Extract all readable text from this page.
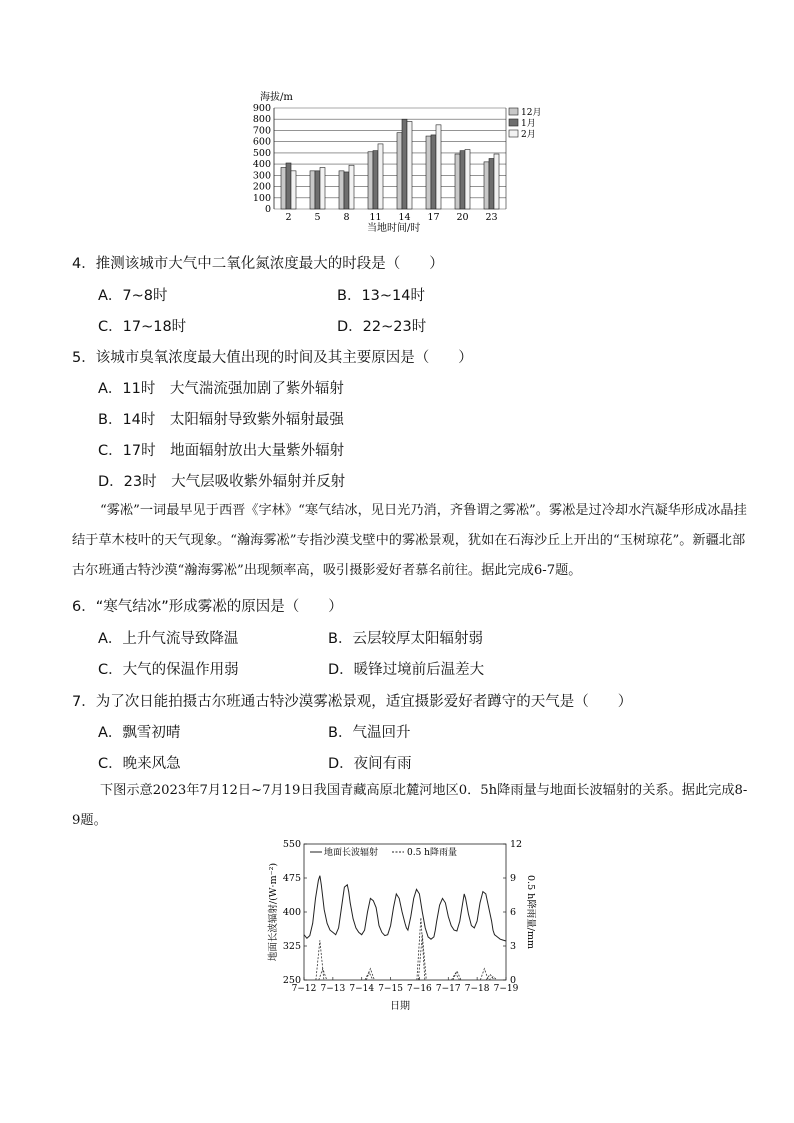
海拔/m
0
100
200
300
400
500
600
700
800
900
2 5 8 11 14 17 20 23
12月
1月
2月
当地时间/时
4．推测该城市大气中二氧化氮浓度最大的时段是（　　）
A．7~8时	B．13~14时
C．17~18时	D．22~23时
5．该城市臭氧浓度最大值出现的时间及其主要原因是（　　）
A．11时　大气湍流强加剧了紫外辐射
B．14时　太阳辐射导致紫外辐射最强
C．17时　地面辐射放出大量紫外辐射
D．23时　大气层吸收紫外辐射并反射
“雾凇”一词最早见于西晋《字林》“寒气结冰，见日光乃消，齐鲁谓之雾凇”。雾凇是过冷却水汽凝华形成冰晶挂结于草木枝叶的天气现象。“瀚海雾凇”专指沙漠戈壁中的雾凇景观，犹如在石海沙丘上开出的“玉树琼花”。新疆北部古尔班通古特沙漠“瀚海雾凇”出现频率高，吸引摄影爱好者慕名前往。据此完成6-7题。
6．“寒气结冰”形成雾凇的原因是（　　）
A．上升气流导致降温	B．云层较厚太阳辐射弱
C．大气的保温作用弱	D．暖锋过境前后温差大
7．为了次日能拍摄古尔班通古特沙漠雾凇景观，适宜摄影爱好者蹲守的天气是（　　）
A．飘雪初晴	B．气温回升
C．晚来风急	D．夜间有雨
下图示意2023年7月12日~7月19日我国青藏高原北麓河地区0．5h降雨量与地面长波辐射的关系。据此完成8-9题。
250
325
400
475
550
0
3
6
9
12
7−12 7−13 7−14 7−15 7−16 7−17 7−18 7−19
地面长波辐射/(W·m⁻²)	0.5 h降雨量/mm
地面长波辐射	0.5 h降雨量
日期
